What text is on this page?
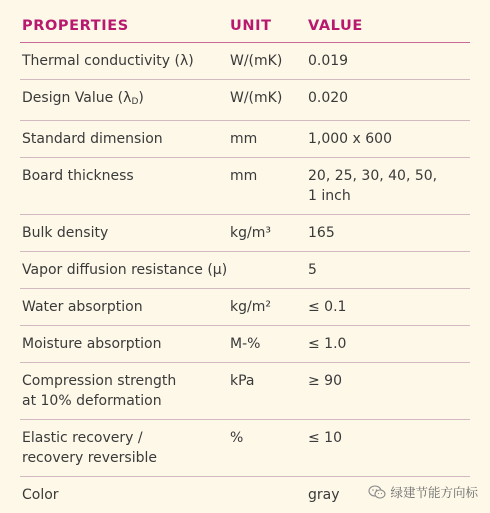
PROPERTIES	UNIT	VALUE
Thermal conductivity (λ)	W/(mK)	0.019
Design Value $(\lambda_D)$	W/(mK)	0.020
Standard dimension	mm	1,000 x 600
Board thickness	mm	20, 25, 30, 40, 50,
1 inch

Bulk density	kg/m³	165
Vapor diffusion resistance (μ)		5
Water absorption	kg/m²	≤ 0.1
Moisture absorption	M-%	≤ 1.0

Compression strength
at 10% deformation	kPa	≥ 90

Elastic recovery /
recovery reversible	%	≤ 10
Color		gray	绿建节能方向标
